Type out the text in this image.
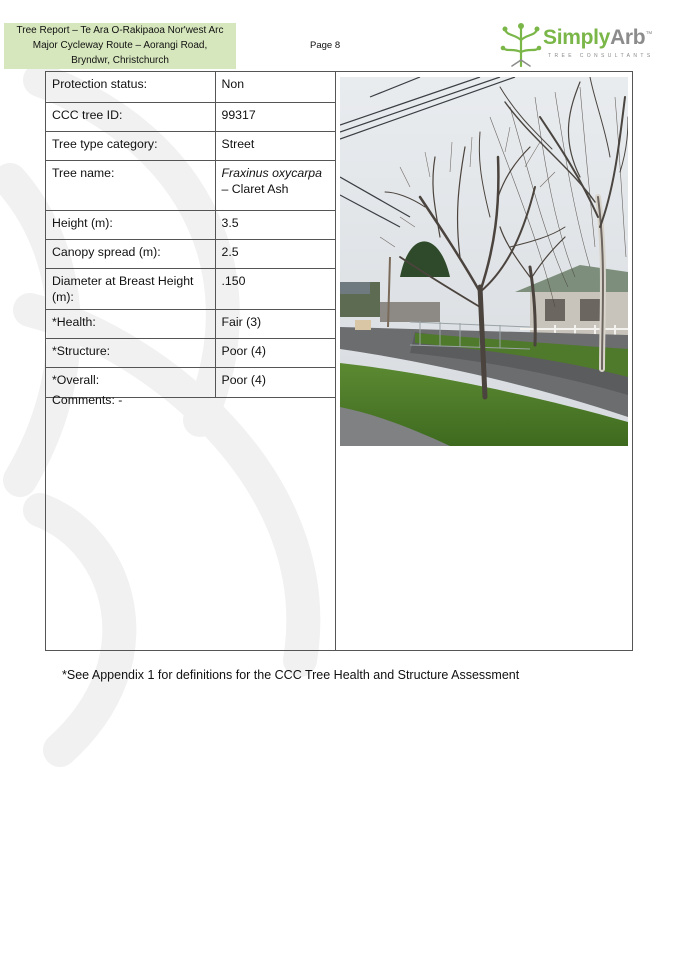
Tree Report – Te Ara O-Rakipaoa Nor'west Arc
Major Cycleway Route – Aorangi Road,
Bryndwr, Christchurch
Page 8	SimplyArb™
TREE CONSULTANTS
Protection status:	Non
CCC tree ID:	99317
Tree type category:	Street
Tree name:	Fraxinus oxycarpa – Claret Ash
Height (m):	3.5
Canopy spread (m):	2.5
Diameter at Breast Height (m):	.150
*Health:	Fair (3)
*Structure:	Poor (4)
*Overall:	Poor (4)
Comments: -
*See Appendix 1 for definitions for the CCC Tree Health and Structure Assessment
